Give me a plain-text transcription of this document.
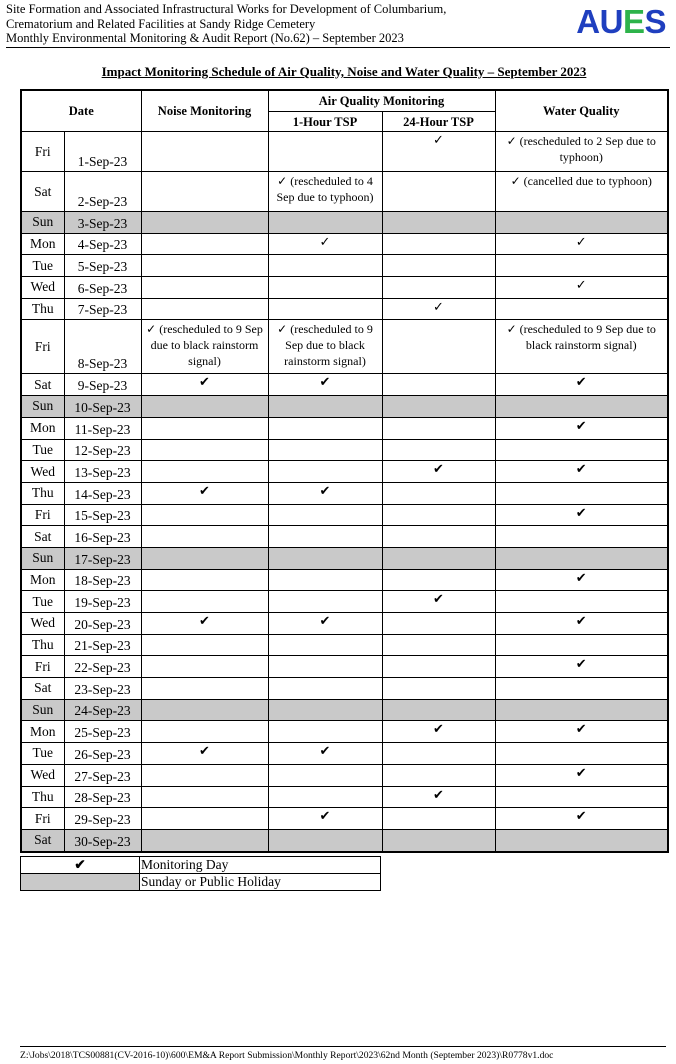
Site Formation and Associated Infrastructural Works for Development of Columbarium,
Crematorium and Related Facilities at Sandy Ridge Cemetery
Monthly Environmental Monitoring & Audit Report (No.62) – September 2023	AUES
Impact Monitoring Schedule of Air Quality, Noise and Water Quality – September 2023
Date		Noise Monitoring	Air Quality Monitoring		Water Quality
			1-Hour TSP	24-Hour TSP	
Fri	1-Sep-23			✓	✓ (rescheduled to 2 Sep due to typhoon)
Sat	2-Sep-23		✓ (rescheduled to 4 Sep due to typhoon)		✓ (cancelled due to typhoon)
Sun	3-Sep-23				
Mon	4-Sep-23		✓		✓
Tue	5-Sep-23				
Wed	6-Sep-23				✓
Thu	7-Sep-23			✓	
Fri	8-Sep-23	✓ (rescheduled to 9 Sep due to black rainstorm signal)	✓ (rescheduled to 9 Sep due to black rainstorm signal)		✓ (rescheduled to 9 Sep due to black rainstorm signal)
Sat	9-Sep-23	✔	✔		✔
Sun	10-Sep-23				
Mon	11-Sep-23				✔
Tue	12-Sep-23				
Wed	13-Sep-23			✔	✔
Thu	14-Sep-23	✔	✔		
Fri	15-Sep-23				✔
Sat	16-Sep-23				
Sun	17-Sep-23				
Mon	18-Sep-23				✔
Tue	19-Sep-23			✔	
Wed	20-Sep-23	✔	✔		✔
Thu	21-Sep-23				
Fri	22-Sep-23				✔
Sat	23-Sep-23				
Sun	24-Sep-23				
Mon	25-Sep-23			✔	✔
Tue	26-Sep-23	✔	✔		
Wed	27-Sep-23				✔
Thu	28-Sep-23			✔	
Fri	29-Sep-23		✔		✔
Sat	30-Sep-23				
✔	Monitoring Day
	Sunday or Public Holiday
Z:\Jobs\2018\TCS00881(CV-2016-10)\600\EM&A Report Submission\Monthly Report\2023\62nd Month (September 2023)\R0778v1.doc
